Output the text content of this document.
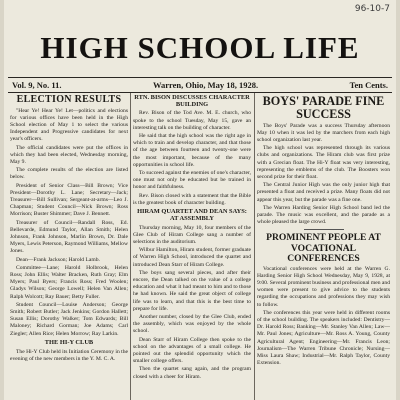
96-10-7
HIGH SCHOOL LIFE
Vol. 9, No. 11.	Warren, Ohio, May 18, 1928.	Ten Cents.
ELECTION RESULTS

"Hear Ye! Hear Ye! Let—politics and elections for various offices have been held in the High School election of May 1 to select the various Independent and Progressive candidates for next year's officers.

The official candidates were put the offices in which they had been elected, Wednesday morning, May 9.

The complete results of the election are listed below.

President of Senior Class—Bill Brown; Vice President—Dorothy L. Lane; Secretary—Jack; Treasurer—Bill Sullivan; Sergeant-at-arms—Leo J. Chapman; Student Council—Nick Brown; Ross Morrison; Buster Shimmer; Dave J. Bennett.

Treasurer of Council—Randall Ross, Ed. Bellevarde, Edmund Taylor, Allan Smith; Helen Johnson, Frank Johnson, Marlin Brown, Dr. Dale Myers, Lewis Peterson, Raymond Williams, Mellow Jones.

Dean—Frank Jackson; Harold Lamb.

Committee—Lane; Harold Holbrook, Helen Ross; John Ellis; Walter Bracken, Ruth Gray; Elm Myers; Paul Byers; Francis Ross; Fred Woolen; Gladys Wilson; George Lowell; Helen Van Allen; Ralph Wolcott; Ray Bauer; Betty Fuller.

Student Council—Louise Anderson; George Smith; Robert Butler; Jack Jenkins; Gordon Hallett; Susan Ellis; Dorothy Walker; Tom Edwards; Bill Maloney; Richard Gorman; Joe Adams; Carl Ziegler; Allen Rice; Helen Morrow; Ray Larkin.

THE HI-Y CLUB

The Hi-Y Club held its Initiation Ceremony in the evening of the new members in the Y. M. C. A.

RTN. BISON DISCUSSES CHARACTER BUILDING

Rev. Bison of the Tod Ave. M. E. church, who spoke to the school Tuesday, May 15, gave an interesting talk on the building of character.

He said that the high school was the right age in which to train and develop character, and that those of the age between fourteen and twenty-one were the most important, because of the many opportunities in school life.

To succeed against the enemies of one's character, one must not only be educated but be trained in honor and faithfulness.

Rev. Bison closed with a statement that the Bible is the greatest book of character building.

HIRAM QUARTET AND DEAN SAYS: AT ASSEMBLY

Thursday morning, May 10, four members of the Glee Club of Hiram College sang a number of selections in the auditorium.

Wilbur Hamilton, Hiram student, former graduate of Warren High School, introduced the quartet and introduced Dean Starr of Hiram College.

The boys sang several pieces, and after their encore, the Dean talked on the value of a college education and what it had meant to him and to those he had known. He said the great object of college life was to learn, and that this is the best time to prepare for life.

Another number, closed by the Glee Club, ended the assembly, which was enjoyed by the whole school.

Dean Starr of Hiram College then spoke to the school on the advantages of a small college. He pointed out the splendid opportunity which the smaller college offers.

Then the quartet sang again, and the program closed with a cheer for Hiram.

BOYS' PARADE FINE SUCCESS

The Boys' Parade was a success Thursday afternoon May 10 when it was led by the marchers from each high school organization last year.

The high school was represented through its various clubs and organizations. The Hiram club was first prize with a Grecian float. The Hi-Y float was very interesting, representing the emblems of the club. The Boosters won second prize for their float.

The Central Junior High was the only junior high that presented a float and received a prize. Many floats did not appear this year, but the parade was a fine one.

The Warren Harding Senior High School band led the parade. The music was excellent, and the parade as a whole pleased the large crowd.

PROMINENT PEOPLE AT VOCATIONAL CONFERENCES

Vocational conferences were held at the Warren G. Harding Senior High School Wednesday, May 9, 1928, at 9:00. Several prominent business and professional men and women were present to give advice to the students regarding the occupations and professions they may wish to follow.

The conferences this year were held in different rooms of the school building. The speakers included: Dentistry—Dr. Harold Ross; Banking—Mr. Stanley Van Allen; Law—Mr. Paul Jones; Agriculture—Mr. Ross A. Young, County Agricultural Agent; Engineering—Mr. Francis Leon; Journalism—The Warren Tribune Chronicle; Nursing—Miss Laura Shaw; Industrial—Mr. Ralph Taylor, County Extension.
